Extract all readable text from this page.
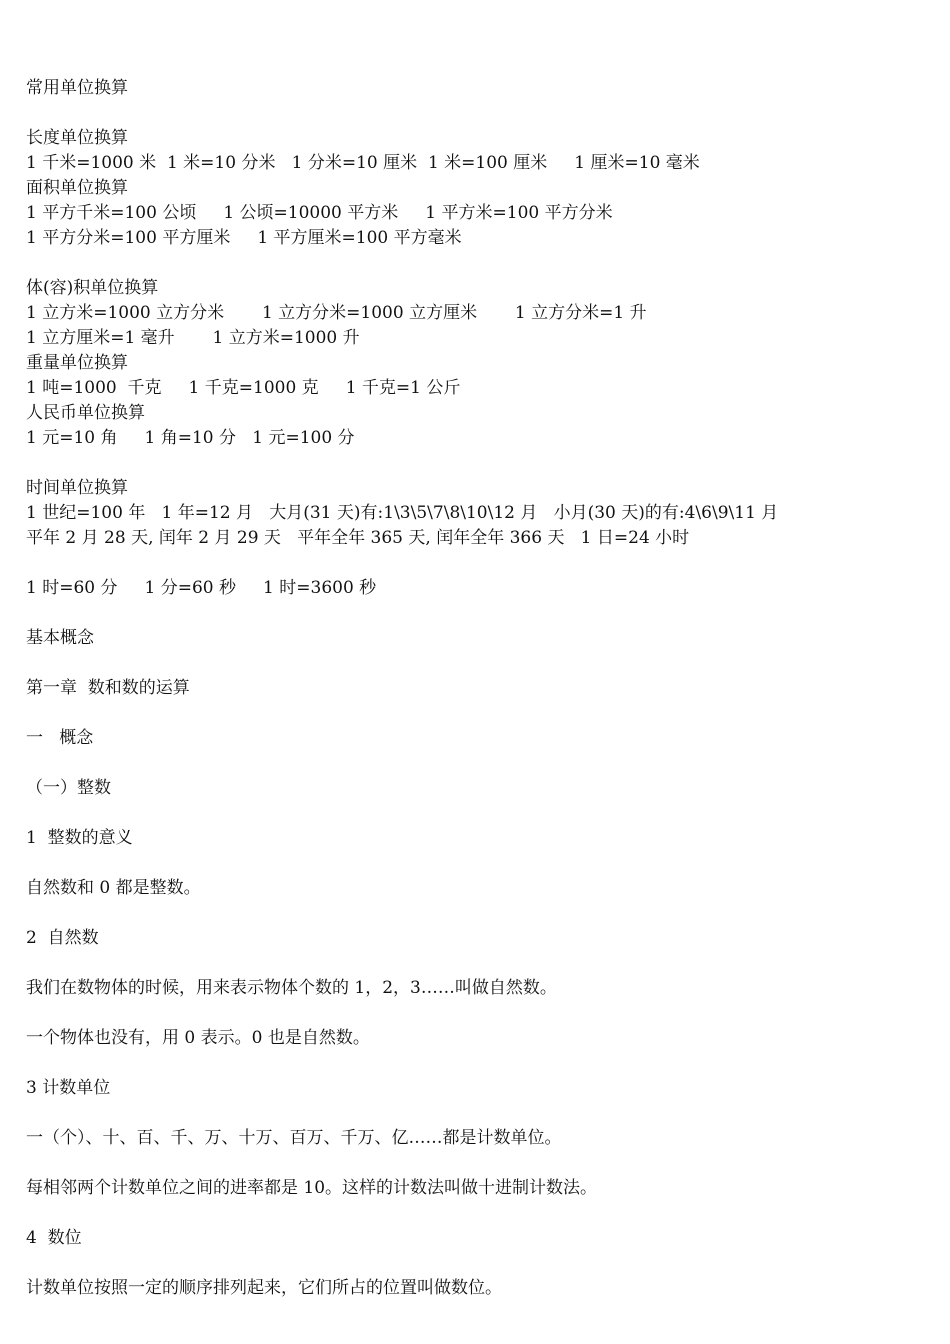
常用单位换算
长度单位换算
1 千米=1000 米  1 米=10 分米   1 分米=10 厘米  1 米=100 厘米     1 厘米=10 毫米
面积单位换算
1 平方千米=100 公顷     1 公顷=10000 平方米     1 平方米=100 平方分米
1 平方分米=100 平方厘米     1 平方厘米=100 平方毫米
体(容)积单位换算
1 立方米=1000 立方分米       1 立方分米=1000 立方厘米       1 立方分米=1 升
1 立方厘米=1 毫升       1 立方米=1000 升
重量单位换算
1 吨=1000  千克     1 千克=1000 克     1 千克=1 公斤
人民币单位换算
1 元=10 角     1 角=10 分   1 元=100 分
时间单位换算
1 世纪=100 年   1 年=12 月   大月(31 天)有:1\3\5\7\8\10\12 月   小月(30 天)的有:4\6\9\11 月
平年 2 月 28 天, 闰年 2 月 29 天   平年全年 365 天, 闰年全年 366 天   1 日=24 小时
1 时=60 分     1 分=60 秒     1 时=3600 秒
基本概念
第一章  数和数的运算
一   概念
（一）整数
1  整数的意义
自然数和 0 都是整数。
2  自然数
我们在数物体的时候，用来表示物体个数的 1，2，3……叫做自然数。
一个物体也没有，用 0 表示。0 也是自然数。
3 计数单位
一（个）、十、百、千、万、十万、百万、千万、亿……都是计数单位。
每相邻两个计数单位之间的进率都是 10。这样的计数法叫做十进制计数法。
4  数位
计数单位按照一定的顺序排列起来，它们所占的位置叫做数位。
